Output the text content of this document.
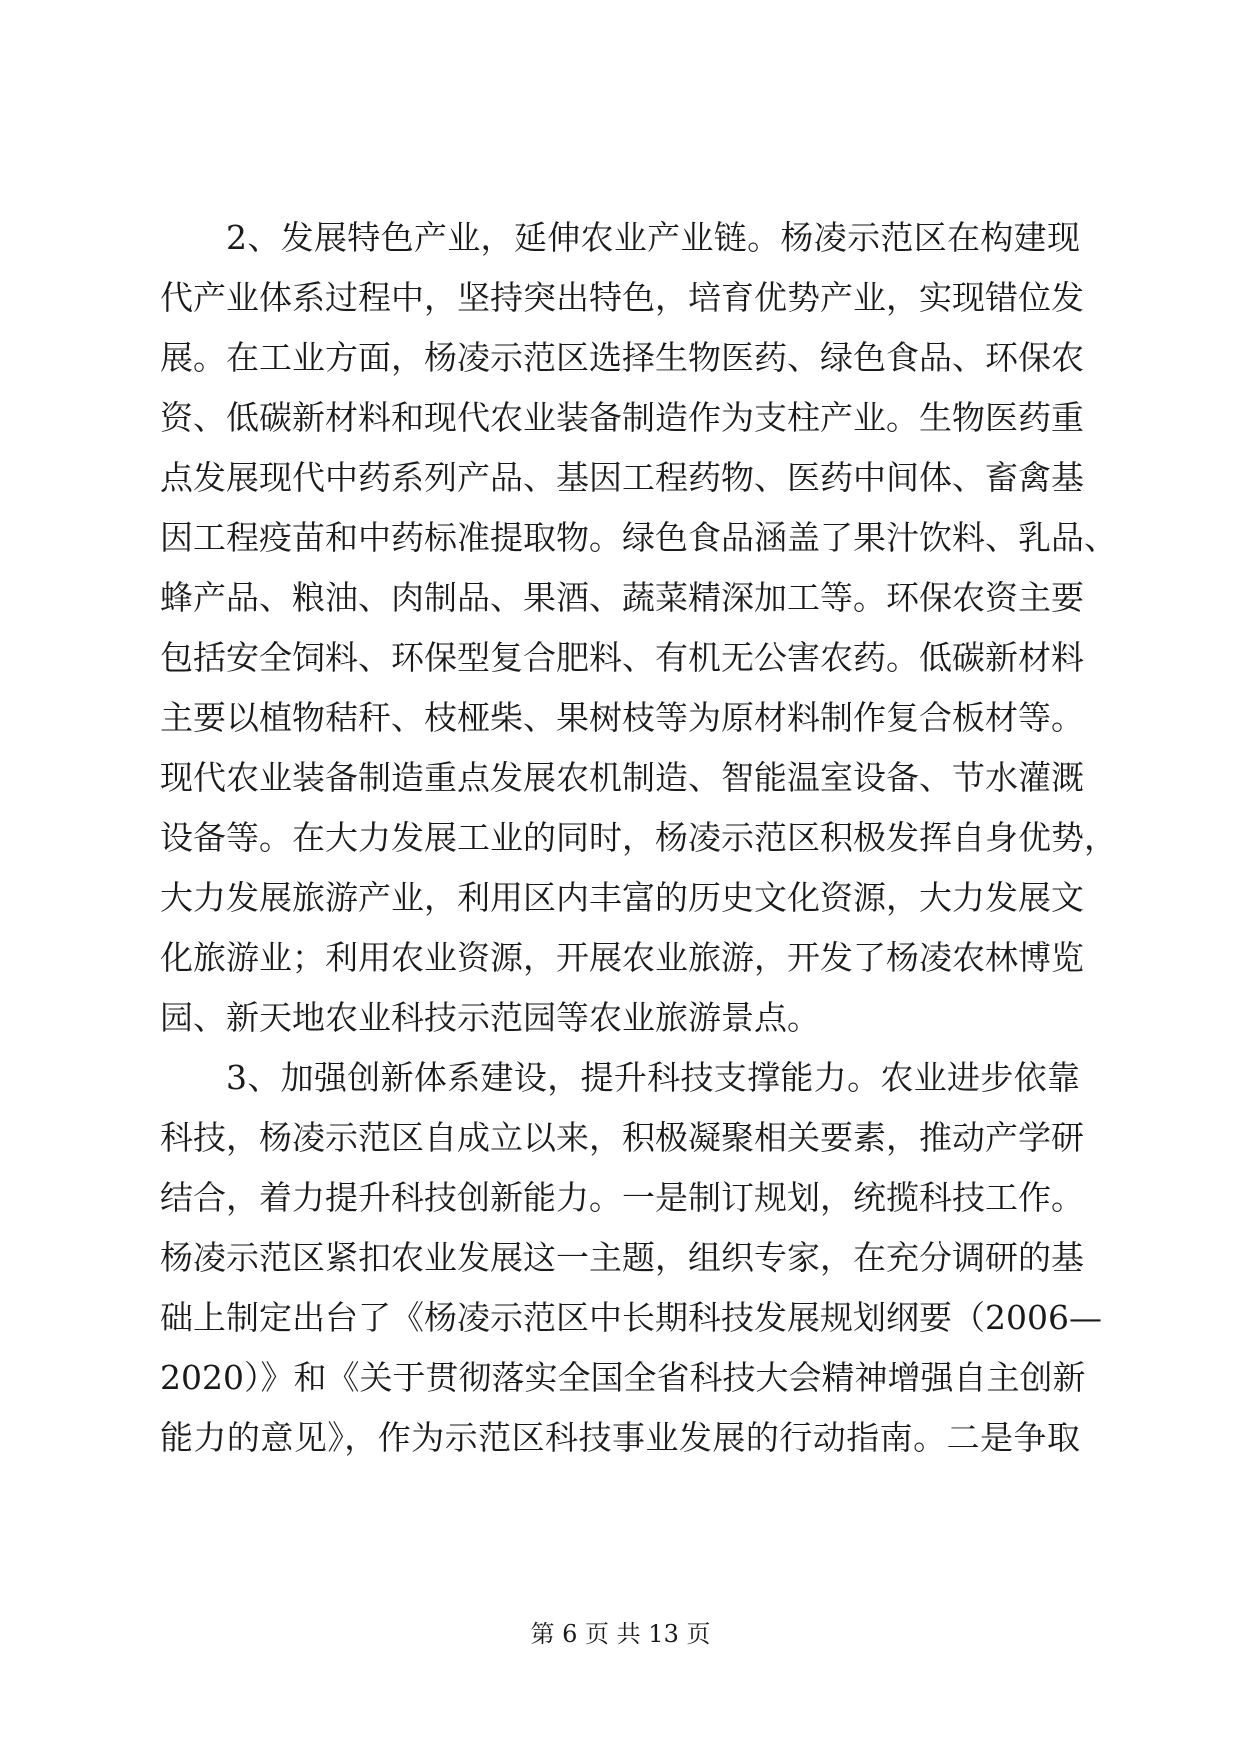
2、发展特色产业，延伸农业产业链。杨凌示范区在构建现
代产业体系过程中，坚持突出特色，培育优势产业，实现错位发
展。在工业方面，杨凌示范区选择生物医药、绿色食品、环保农
资、低碳新材料和现代农业装备制造作为支柱产业。生物医药重
点发展现代中药系列产品、基因工程药物、医药中间体、畜禽基
因工程疫苗和中药标准提取物。绿色食品涵盖了果汁饮料、乳品、
蜂产品、粮油、肉制品、果酒、蔬菜精深加工等。环保农资主要
包括安全饲料、环保型复合肥料、有机无公害农药。低碳新材料
主要以植物秸秆、枝桠柴、果树枝等为原材料制作复合板材等。
现代农业装备制造重点发展农机制造、智能温室设备、节水灌溉
设备等。在大力发展工业的同时，杨凌示范区积极发挥自身优势，
大力发展旅游产业，利用区内丰富的历史文化资源，大力发展文
化旅游业；利用农业资源，开展农业旅游，开发了杨凌农林博览
园、新天地农业科技示范园等农业旅游景点。
3、加强创新体系建设，提升科技支撑能力。农业进步依靠
科技，杨凌示范区自成立以来，积极凝聚相关要素，推动产学研
结合，着力提升科技创新能力。一是制订规划，统揽科技工作。
杨凌示范区紧扣农业发展这一主题，组织专家，在充分调研的基
础上制定出台了《杨凌示范区中长期科技发展规划纲要（2006—
2020）》和《关于贯彻落实全国全省科技大会精神增强自主创新
能力的意见》，作为示范区科技事业发展的行动指南。二是争取
第 6 页 共 13 页
